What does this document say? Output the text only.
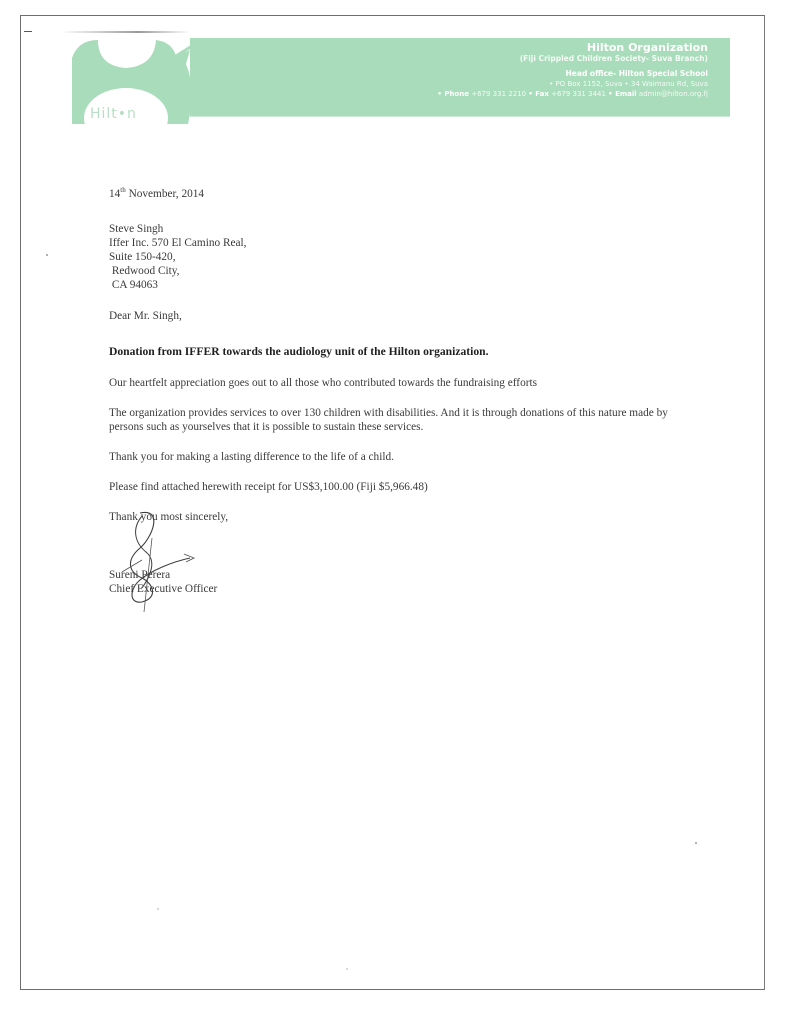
Hilt•n
Hilton Organization
(Fiji Crippled Children Society- Suva Branch)
Head office- Hilton Special School
• PO Box 1152, Suva • 34 Waimanu Rd, Suva
• Phone +679 331 2210 • Fax +679 331 3441 • Email admin@hilton.org.fj
14th November, 2014
Steve Singh
Iffer Inc. 570 El Camino Real,
Suite 150-420,
Redwood City,
CA 94063
Dear Mr. Singh,
Donation from IFFER towards the audiology unit of the Hilton organization.

Our heartfelt appreciation goes out to all those who contributed towards the fundraising efforts

The organization provides services to over 130 children with disabilities. And it is through donations of this nature made by persons such as yourselves that it is possible to sustain these services.

Thank you for making a lasting difference to the life of a child.

Please find attached herewith receipt for US$3,100.00 (Fiji $5,966.48)

Thank you most sincerely,
Sureni Perera
Chief Executive Officer
